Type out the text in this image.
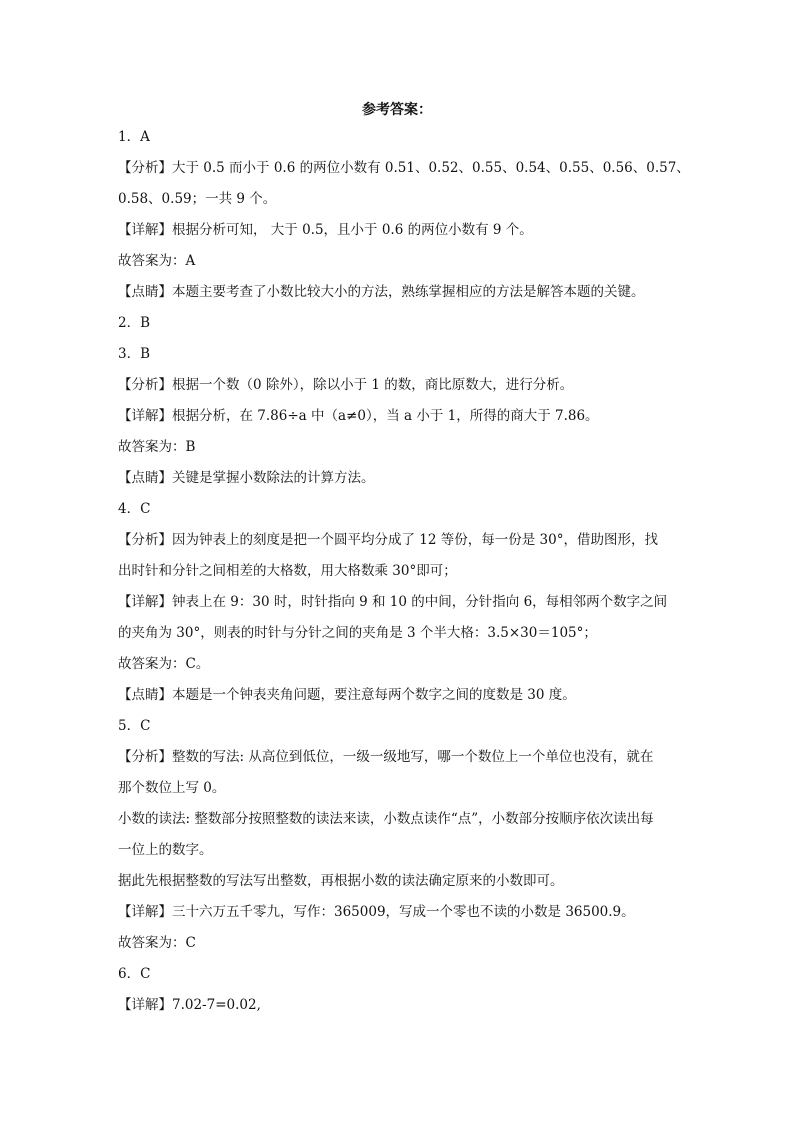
参考答案：

1．A

【分析】大于 0.5 而小于 0.6 的两位小数有 0.51、0.52、0.55、0.54、0.55、0.56、0.57、

0.58、0.59；一共 9 个。

【详解】根据分析可知， 大于 0.5，且小于 0.6 的两位小数有 9 个。

故答案为：A

【点睛】本题主要考查了小数比较大小的方法，熟练掌握相应的方法是解答本题的关键。

2．B

3．B

【分析】根据一个数（0 除外），除以小于 1 的数，商比原数大，进行分析。

【详解】根据分析，在 7.86÷a 中（a≠0），当 a 小于 1，所得的商大于 7.86。

故答案为：B

【点睛】关键是掌握小数除法的计算方法。

4．C

【分析】因为钟表上的刻度是把一个圆平均分成了 12 等份，每一份是 30°，借助图形，找

出时针和分针之间相差的大格数，用大格数乘 30°即可；

【详解】钟表上在 9：30 时，时针指向 9 和 10 的中间，分针指向 6，每相邻两个数字之间

的夹角为 30°，则表的时针与分针之间的夹角是 3 个半大格：3.5×30＝105°；

故答案为：C。

【点睛】本题是一个钟表夹角问题，要注意每两个数字之间的度数是 30 度。

5．C

【分析】整数的写法: 从高位到低位，一级一级地写，哪一个数位上一个单位也没有，就在

那个数位上写 0。

小数的读法: 整数部分按照整数的读法来读，小数点读作“点”，小数部分按顺序依次读出每

一位上的数字。

据此先根据整数的写法写出整数，再根据小数的读法确定原来的小数即可。

【详解】三十六万五千零九，写作：365009，写成一个零也不读的小数是 36500.9。

故答案为：C

6．C

【详解】7.02-7=0.02,
